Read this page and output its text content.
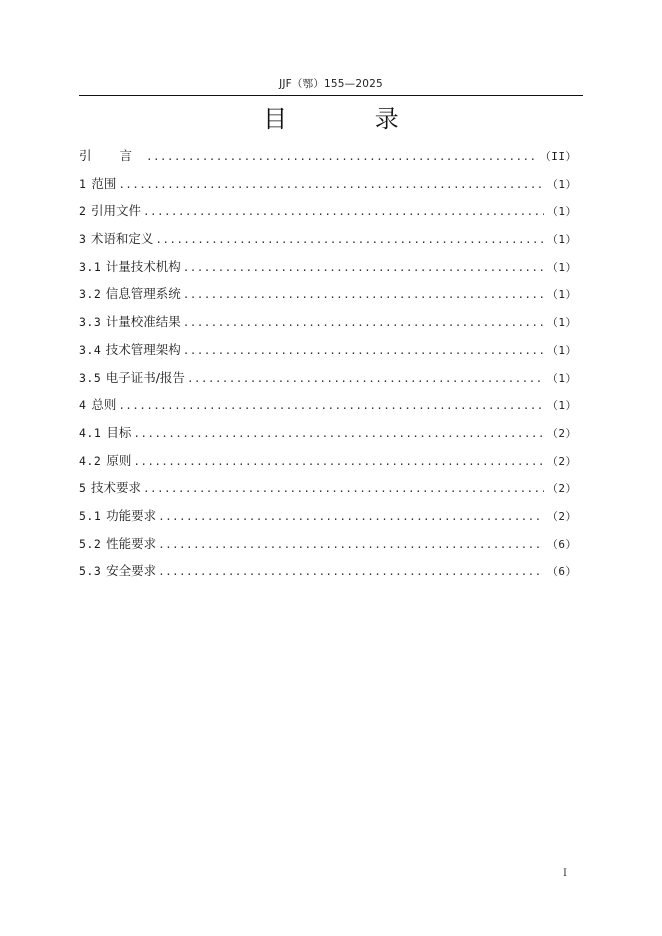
JJF（鄂）155—2025
目 录
引 言 .....	（II）
1 范围 .....	（1）
2 引用文件 .....	（1）
3 术语和定义 .....	（1）
3.1 计量技术机构 .....	（1）
3.2 信息管理系统 .....	（1）
3.3 计量校准结果 .....	（1）
3.4 技术管理架构 .....	（1）
3.5 电子证书/报告 .....	（1）
4 总则 .....	（1）
4.1 目标 .....	（2）
4.2 原则 .....	（2）
5 技术要求 .....	（2）
5.1 功能要求 .....	（2）
5.2 性能要求 .....	（6）
5.3 安全要求 .....	（6）
I
